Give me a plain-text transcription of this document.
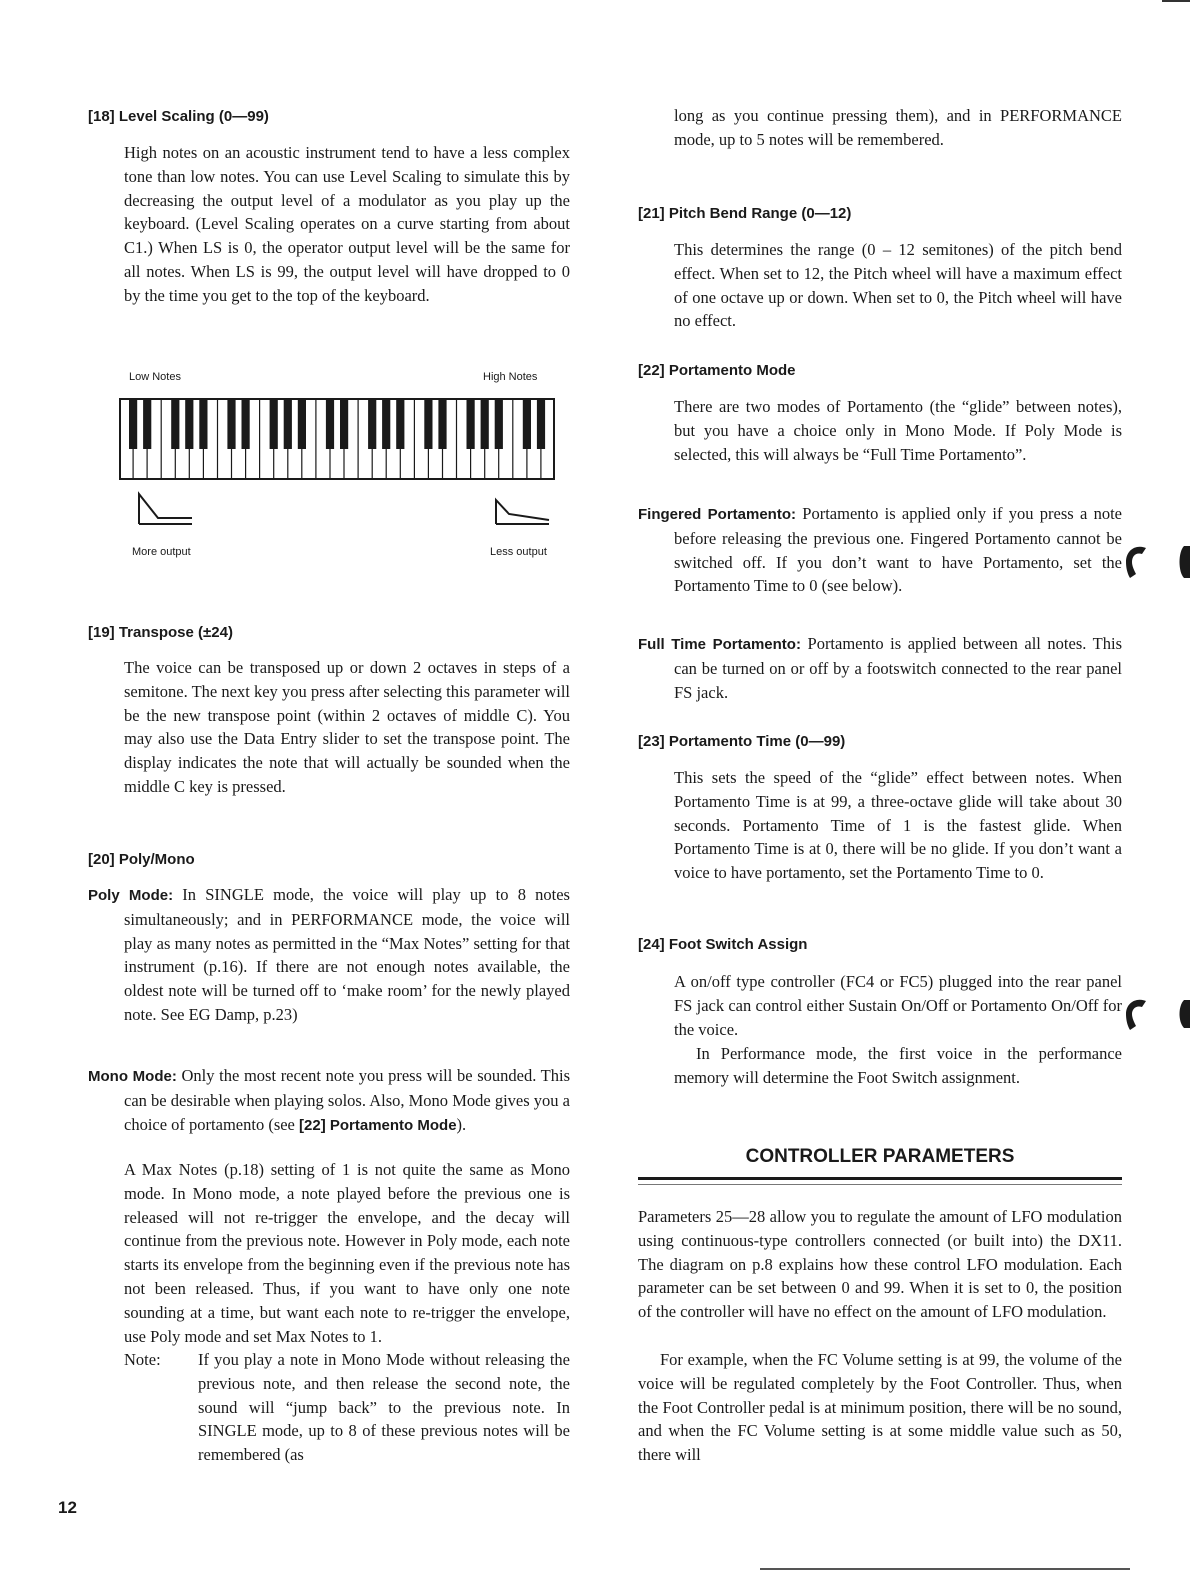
[18] Level Scaling (0—99)

High notes on an acoustic instrument tend to have a less complex tone than low notes. You can use Level Scaling to simulate this by decreasing the output level of a modulator as you play up the keyboard. (Level Scaling operates on a curve starting from about C1.) When LS is 0, the operator output level will be the same for all notes. When LS is 99, the output level will have dropped to 0 by the time you get to the top of the keyboard.

Low Notes	High Notes
More output	Less output
[19] Transpose (±24)

The voice can be transposed up or down 2 octaves in steps of a semitone. The next key you press after selecting this parameter will be the new transpose point (within 2 octaves of middle C). You may also use the Data Entry slider to set the transpose point. The display indicates the note that will actually be sounded when the middle C key is pressed.

[20] Poly/Mono

Poly Mode: In SINGLE mode, the voice will play up to 8 notes simultaneously; and in PERFORMANCE mode, the voice will play as many notes as permitted in the “Max Notes” setting for that instrument (p.16). If there are not enough notes available, the oldest note will be turned off to ‘make room’ for the newly played note. See EG Damp, p.23)

Mono Mode: Only the most recent note you press will be sounded. This can be desirable when playing solos. Also, Mono Mode gives you a choice of portamento (see [22] Portamento Mode).

A Max Notes (p.18) setting of 1 is not quite the same as Mono mode. In Mono mode, a note played before the previous one is released will not re-trigger the envelope, and the decay will continue from the previous note. However in Poly mode, each note starts its envelope from the beginning even if the previous note has not been released. Thus, if you want to have only one note sounding at a time, but want each note to re-trigger the envelope, use Poly mode and set Max Notes to 1.

Note: If you play a note in Mono Mode without releasing the previous note, and then release the second note, the sound will “jump back” to the previous note. In SINGLE mode, up to 8 of these previous notes will be remembered (as

long as you continue pressing them), and in PERFORMANCE mode, up to 5 notes will be remembered.

[21] Pitch Bend Range (0—12)

This determines the range (0 – 12 semitones) of the pitch bend effect. When set to 12, the Pitch wheel will have a maximum effect of one octave up or down. When set to 0, the Pitch wheel will have no effect.

[22] Portamento Mode

There are two modes of Portamento (the “glide” between notes), but you have a choice only in Mono Mode. If Poly Mode is selected, this will always be “Full Time Portamento”.

Fingered Portamento: Portamento is applied only if you press a note before releasing the previous one. Fingered Portamento cannot be switched off. If you don’t want to have Portamento, set the Portamento Time to 0 (see below).

Full Time Portamento: Portamento is applied between all notes. This can be turned on or off by a footswitch connected to the rear panel FS jack.

[23] Portamento Time (0—99)

This sets the speed of the “glide” effect between notes. When Portamento Time is at 99, a three-octave glide will take about 30 seconds. Portamento Time of 1 is the fastest glide. When Portamento Time is at 0, there will be no glide. If you don’t want a voice to have portamento, set the Portamento Time to 0.

[24] Foot Switch Assign

A on/off type controller (FC4 or FC5) plugged into the rear panel FS jack can control either Sustain On/Off or Portamento On/Off for the voice.

In Performance mode, the first voice in the performance memory will determine the Foot Switch assignment.

CONTROLLER PARAMETERS

Parameters 25—28 allow you to regulate the amount of LFO modulation using continuous-type controllers connected (or built into) the DX11. The diagram on p.8 explains how these control LFO modulation. Each parameter can be set between 0 and 99. When it is set to 0, the position of the controller will have no effect on the amount of LFO modulation.

For example, when the FC Volume setting is at 99, the volume of the voice will be regulated completely by the Foot Controller. Thus, when the Foot Controller pedal is at minimum position, there will be no sound, and when the FC Volume setting is at some middle value such as 50, there will

12
